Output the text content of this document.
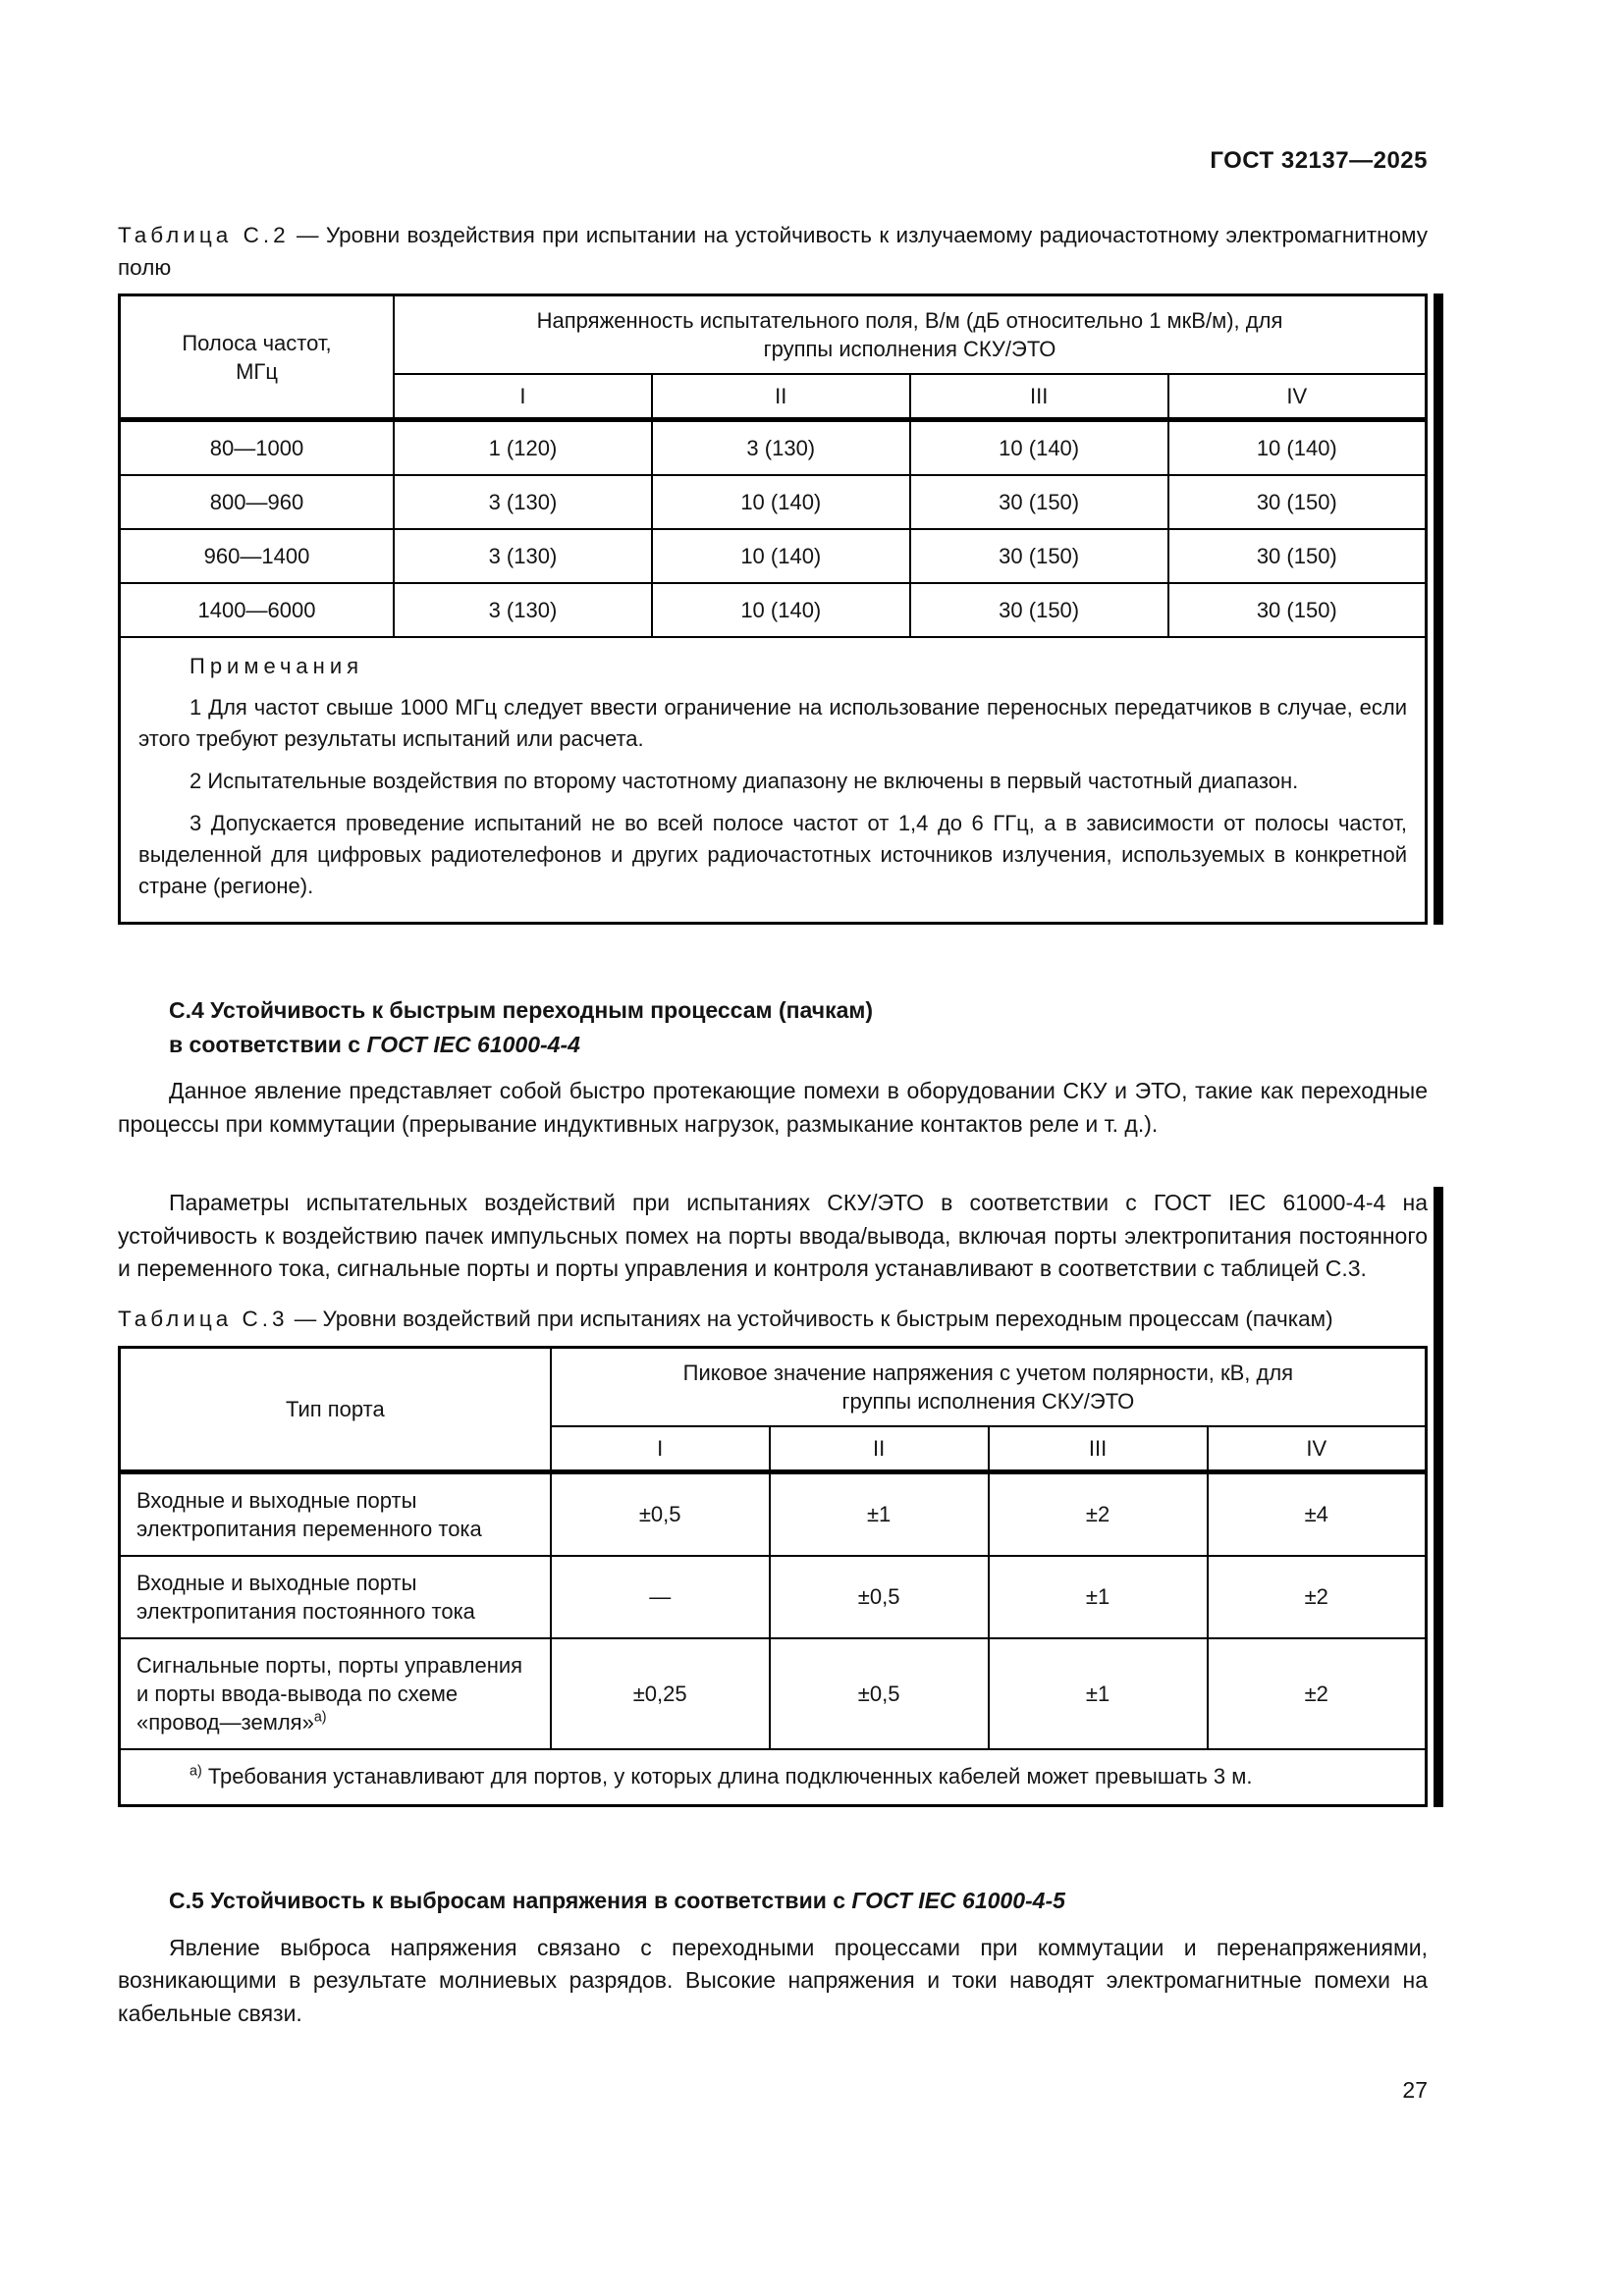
ГОСТ 32137—2025
Таблица С.2 — Уровни воздействия при испытании на устойчивость к излучаемому радиочастотному электромагнитному полю
Полоса частот, МГц	Напряженность испытательного поля, В/м (дБ относительно 1 мкВ/м), для группы исполнения СКУ/ЭТО			

	I	II	III	IV
80—1000	1 (120)	3 (130)	10 (140)	10 (140)
800—960	3 (130)	10 (140)	30 (150)	30 (150)
960—1400	3 (130)	10 (140)	30 (150)	30 (150)
1400—6000	3 (130)	10 (140)	30 (150)	30 (150)

Примечания

1 Для частот свыше 1000 МГц следует ввести ограничение на использование переносных передатчиков в случае, если этого требуют результаты испытаний или расчета.

2 Испытательные воздействия по второму частотному диапазону не включены в первый частотный диапазон.

3 Допускается проведение испытаний не во всей полосе частот от 1,4 до 6 ГГц, а в зависимости от полосы частот, выделенной для цифровых радиотелефонов и других радиочастотных источников излучения, используемых в конкретной стране (регионе).				

С.4 Устойчивость к быстрым переходным процессам (пачкам)
в соответствии с ГОСТ IEC 61000-4-4

Данное явление представляет собой быстро протекающие помехи в оборудовании СКУ и ЭТО, такие как переходные процессы при коммутации (прерывание индуктивных нагрузок, размыкание контактов реле и т. д.).

Параметры испытательных воздействий при испытаниях СКУ/ЭТО в соответствии с ГОСТ IEC 61000-4-4 на устойчивость к воздействию пачек импульсных помех на порты ввода/вывода, включая порты электропитания постоянного и переменного тока, сигнальные порты и порты управления и контроля устанавливают в соответствии с таблицей С.3.

Таблица С.3 — Уровни воздействий при испытаниях на устойчивость к быстрым переходным процессам (пачкам)
Тип порта	Пиковое значение напряжения с учетом полярности, кВ, для группы исполнения СКУ/ЭТО			

	I	II	III	IV
Входные и выходные порты электропитания переменного тока	±0,5	±1	±2	±4
Входные и выходные порты электропитания постоянного тока	—	±0,5	±1	±2
Сигнальные порты, порты управления и порты ввода-вывода по схеме «провод—земля»$^{а)}$	±0,25	±0,5	±1	±2
$^{а)}$ Требования устанавливают для портов, у которых длина подключенных кабелей может превышать 3 м.				
С.5 Устойчивость к выбросам напряжения в соответствии с ГОСТ IEC 61000-4-5

Явление выброса напряжения связано с переходными процессами при коммутации и перенапряжениями, возникающими в результате молниевых разрядов. Высокие напряжения и токи наводят электромагнитные помехи на кабельные связи.

27
